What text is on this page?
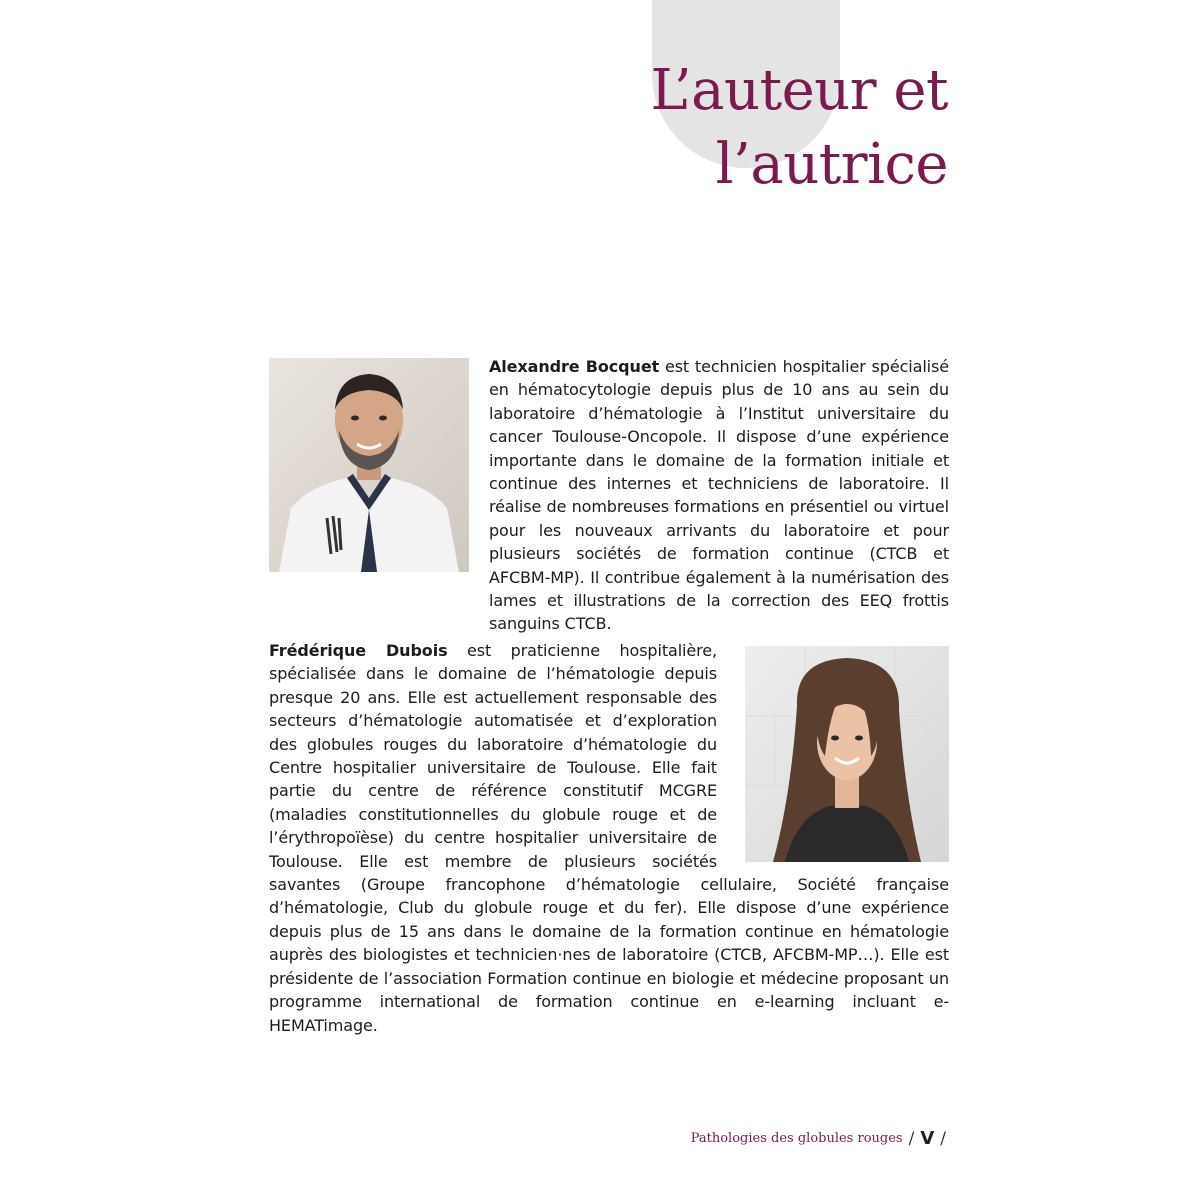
L’auteur et l’autrice

Alexandre Bocquet est technicien hospitalier spécialisé en hématocytologie depuis plus de 10 ans au sein du laboratoire d’hématologie à l’Institut universitaire du cancer Toulouse-Oncopole. Il dispose d’une expérience importante dans le domaine de la formation initiale et continue des internes et techniciens de laboratoire. Il réalise de nombreuses formations en présentiel ou virtuel pour les nouveaux arrivants du laboratoire et pour plusieurs sociétés de formation continue (CTCB et AFCBM-MP). Il contribue également à la numérisation des lames et illustrations de la correction des EEQ frottis sanguins CTCB.

Frédérique Dubois est praticienne hospitalière, spécialisée dans le domaine de l’hématologie depuis presque 20 ans. Elle est actuellement responsable des secteurs d’hématologie automatisée et d’exploration des globules rouges du laboratoire d’hématologie du Centre hospitalier universitaire de Toulouse. Elle fait partie du centre de référence constitutif MCGRE (maladies constitutionnelles du globule rouge et de l’érythropoïèse) du centre hospitalier universitaire de Toulouse. Elle est membre de plusieurs sociétés savantes (Groupe francophone d’hématologie cellulaire, Société française d’hématologie, Club du globule rouge et du fer). Elle dispose d’une expérience depuis plus de 15 ans dans le domaine de la formation continue en hématologie auprès des biologistes et technicien·nes de laboratoire (CTCB, AFCBM-MP…). Elle est présidente de l’association Formation continue en biologie et médecine proposant un programme international de formation continue en e-learning incluant e-HEMATimage.

Pathologies des globules rouges / V /
